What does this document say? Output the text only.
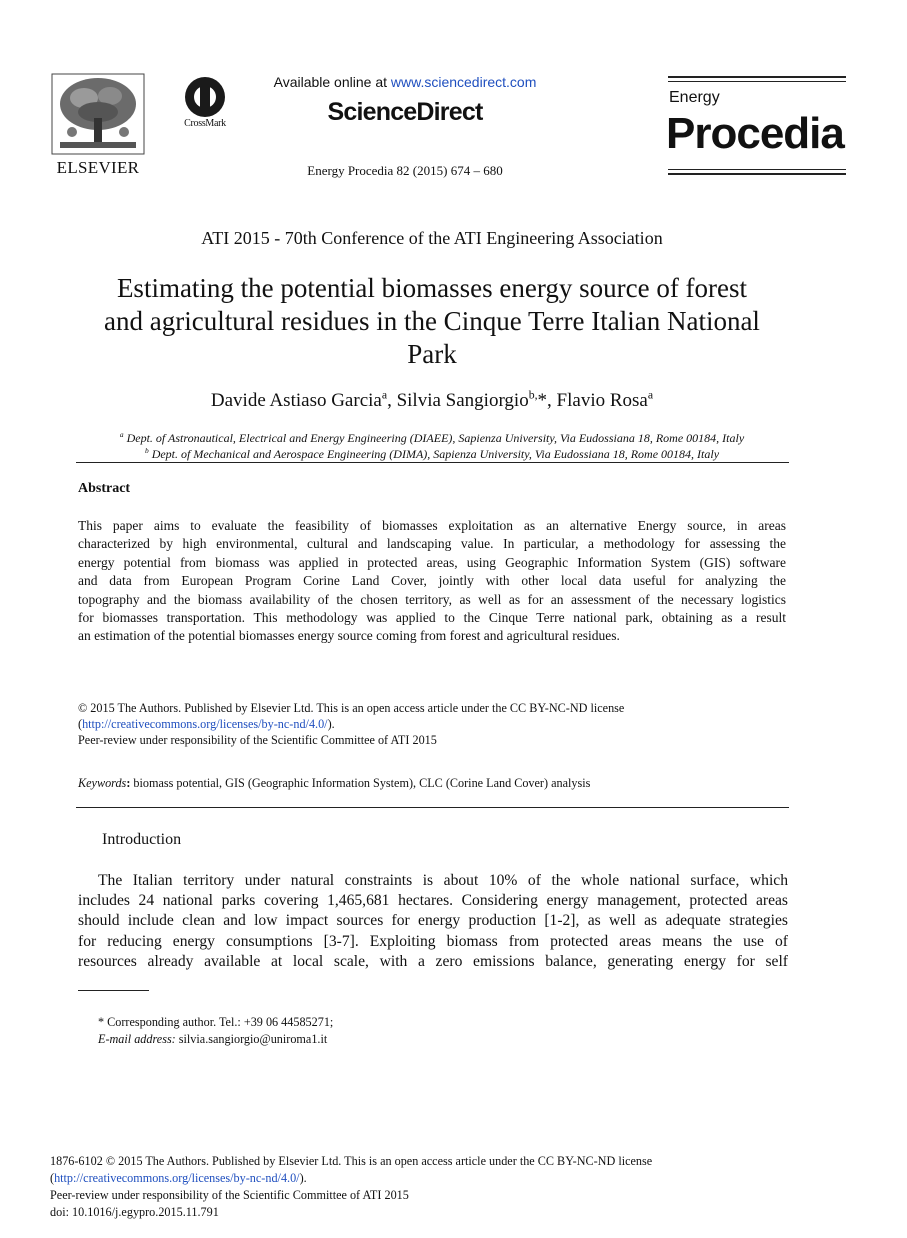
ELSEVIER
CrossMark
Available online at www.sciencedirect.com
ScienceDirect
Energy Procedia 82 (2015) 674 – 680
Energy
Procedia
ATI 2015 - 70th Conference of the ATI Engineering Association
Estimating the potential biomasses energy source of forest
and agricultural residues in the Cinque Terre Italian National
Park
Davide Astiaso Garcia$^a$, Silvia Sangiorgio$^{b,}$*, Flavio Rosa$^a$
$^a$ Dept. of Astronautical, Electrical and Energy Engineering (DIAEE), Sapienza University, Via Eudossiana 18, Rome 00184, Italy
$^b$ Dept. of Mechanical and Aerospace Engineering (DIMA), Sapienza University, Via Eudossiana 18, Rome 00184, Italy
Abstract
This paper aims to evaluate the feasibility of biomasses exploitation as an alternative Energy source, in areas
characterized by high environmental, cultural and landscaping value. In particular, a methodology for assessing the
energy potential from biomass was applied in protected areas, using Geographic Information System (GIS) software
and data from European Program Corine Land Cover, jointly with other local data useful for analyzing the
topography and the biomass availability of the chosen territory, as well as for an assessment of the necessary logistics
for biomasses transportation. This methodology was applied to the Cinque Terre national park, obtaining as a result
an estimation of the potential biomasses energy source coming from forest and agricultural residues.
© 2015 The Authors. Published by Elsevier Ltd. This is an open access article under the CC BY-NC-ND license
(http://creativecommons.org/licenses/by-nc-nd/4.0/).
Peer-review under responsibility of the Scientific Committee of ATI 2015
Keywords: biomass potential, GIS (Geographic Information System), CLC (Corine Land Cover) analysis
Introduction
The Italian territory under natural constraints is about 10% of the whole national surface, which
includes 24 national parks covering 1,465,681 hectares. Considering energy management, protected areas
should include clean and low impact sources for energy production [1-2], as well as adequate strategies
for reducing energy consumptions [3-7]. Exploiting biomass from protected areas means the use of
resources already available at local scale, with a zero emissions balance, generating energy for self
* Corresponding author. Tel.: +39 06 44585271;
E-mail address: silvia.sangiorgio@uniroma1.it
1876-6102 © 2015 The Authors. Published by Elsevier Ltd. This is an open access article under the CC BY-NC-ND license
(http://creativecommons.org/licenses/by-nc-nd/4.0/).
Peer-review under responsibility of the Scientific Committee of ATI 2015
doi: 10.1016/j.egypro.2015.11.791
